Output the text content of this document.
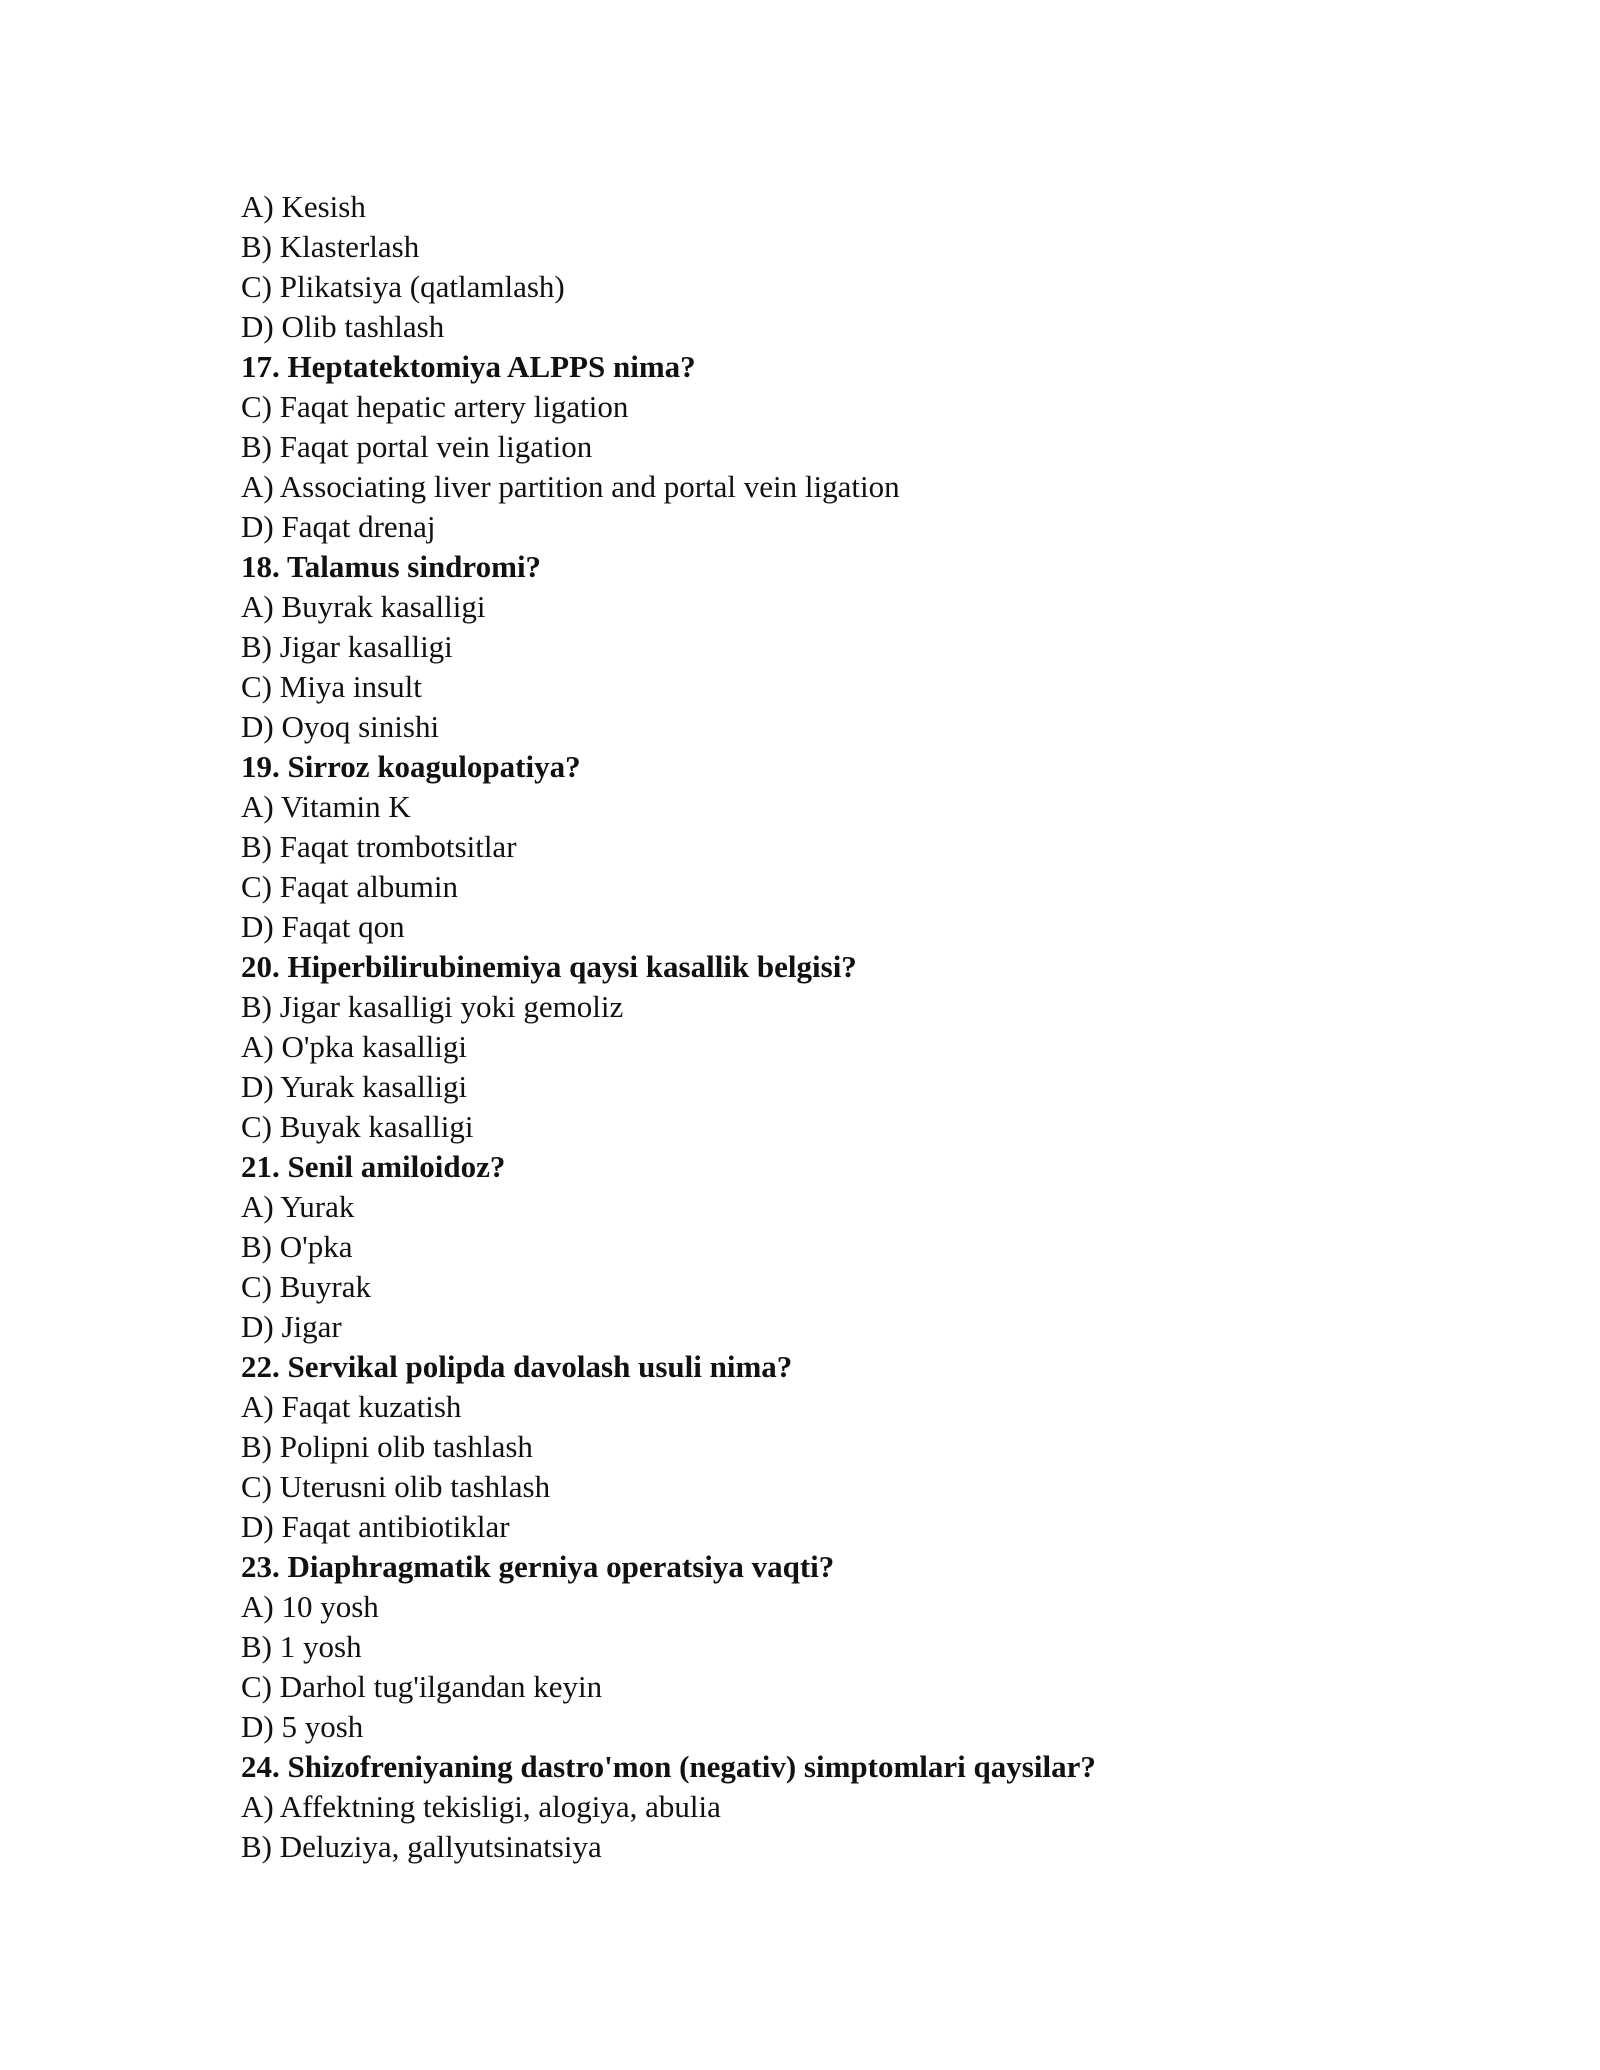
A) Kesish
B) Klasterlash
C) Plikatsiya (qatlamlash)
D) Olib tashlash
17. Heptatektomiya ALPPS nima?
C) Faqat hepatic artery ligation
B) Faqat portal vein ligation
A) Associating liver partition and portal vein ligation
D) Faqat drenaj
18. Talamus sindromi?
A) Buyrak kasalligi
B) Jigar kasalligi
C) Miya insult
D) Oyoq sinishi
19. Sirroz koagulopatiya?
A) Vitamin K
B) Faqat trombotsitlar
C) Faqat albumin
D) Faqat qon
20. Hiperbilirubinemiya qaysi kasallik belgisi?
B) Jigar kasalligi yoki gemoliz
A) O'pka kasalligi
D) Yurak kasalligi
C) Buyak kasalligi
21. Senil amiloidoz?
A) Yurak
B) O'pka
C) Buyrak
D) Jigar
22. Servikal polipda davolash usuli nima?
A) Faqat kuzatish
B) Polipni olib tashlash
C) Uterusni olib tashlash
D) Faqat antibiotiklar
23. Diaphragmatik gerniya operatsiya vaqti?
A) 10 yosh
B) 1 yosh
C) Darhol tug'ilgandan keyin
D) 5 yosh
24. Shizofreniyaning dastro'mon (negativ) simptomlari qaysilar?
A) Affektning tekisligi, alogiya, abulia
B) Deluziya, gallyutsinatsiya
